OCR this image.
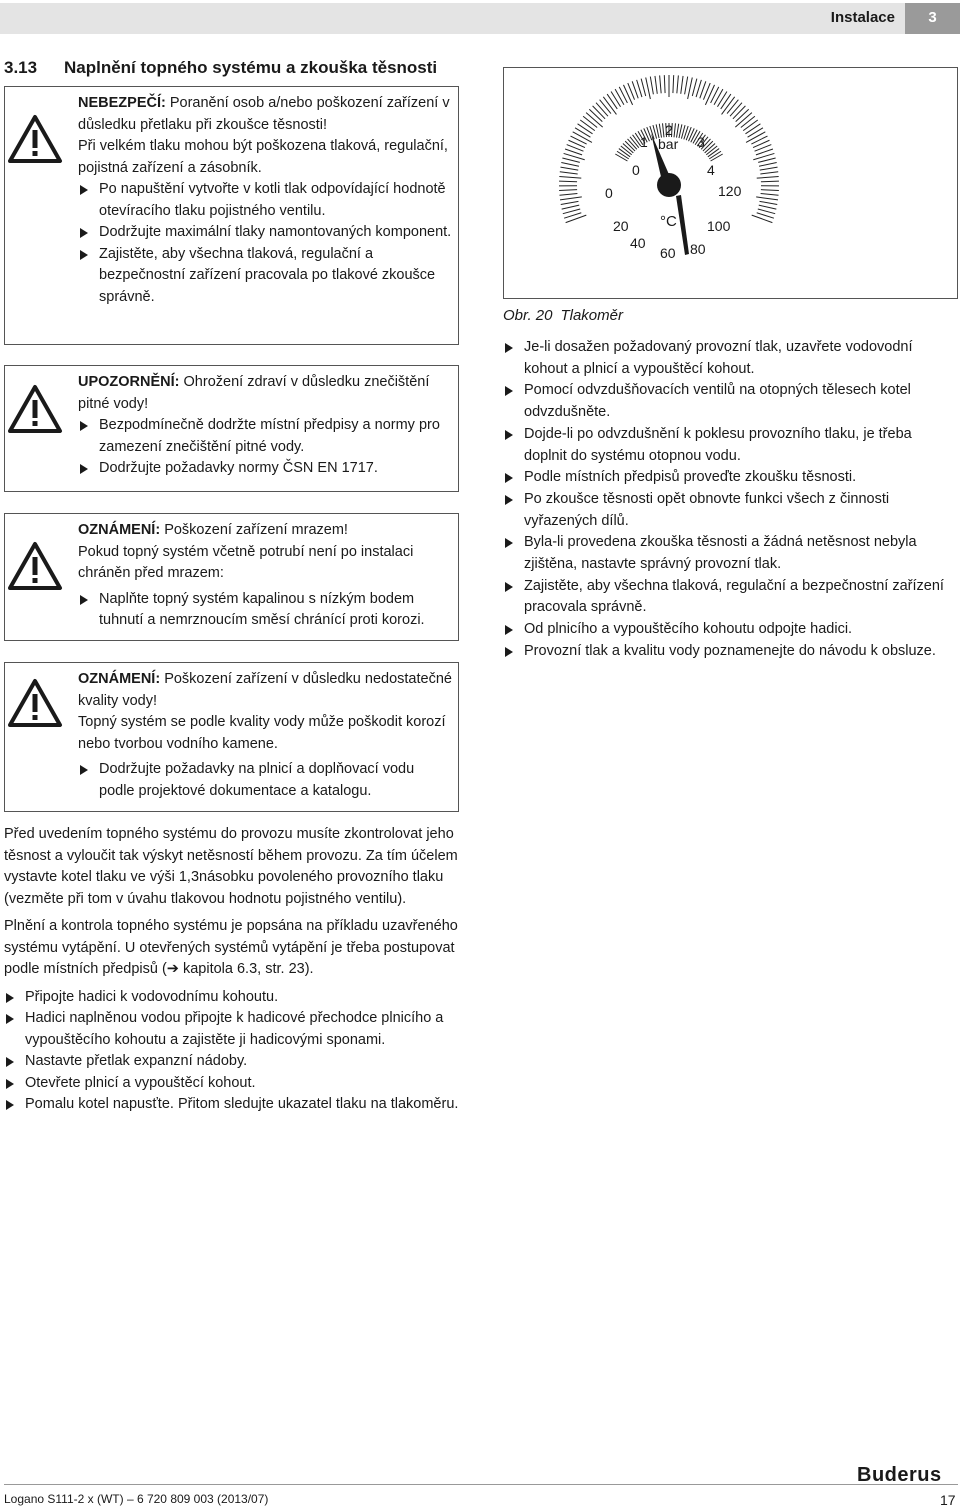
Instalace	3
3.13 Naplnění topného systému a zkouška těsnosti

NEBEZPEČÍ: Poranění osob a/nebo poškození zařízení v důsledku přetlaku při zkoušce těsnosti!

Při velkém tlaku mohou být poškozena tlaková, regulační, pojistná zařízení a zásobník.

Po napuštění vytvořte v kotli tlak odpovídající hodnotě otevíracího tlaku pojistného ventilu.
Dodržujte maximální tlaky namontovaných komponent.
Zajistěte, aby všechna tlaková, regulační a bezpečnostní zařízení pracovala po tlakové zkoušce správně.

UPOZORNĚNÍ: Ohrožení zdraví v důsledku znečištění pitné vody!

Bezpodmínečně dodržte místní předpisy a normy pro zamezení znečištění pitné vody.
Dodržujte požadavky normy ČSN EN 1717.

OZNÁMENÍ: Poškození zařízení mrazem!

Pokud topný systém včetně potrubí není po instalaci chráněn před mrazem:

Naplňte topný systém kapalinou s nízkým bodem tuhnutí a nemrznoucím směsí chránící proti korozi.

OZNÁMENÍ: Poškození zařízení v důsledku nedostatečné kvality vody!

Topný systém se podle kvality vody může poškodit korozí nebo tvorbou vodního kamene.

Dodržujte požadavky na plnicí a doplňovací vodu podle projektové dokumentace a katalogu.
0
1
2
3
4
bar
0
20
40
60 80
100
120
°C
Obr. 20 Tlakoměr
Je-li dosažen požadovaný provozní tlak, uzavřete vodovodní kohout a plnicí a vypouštěcí kohout.
Pomocí odvzdušňovacích ventilů na otopných tělesech kotel odvzdušněte.
Dojde-li po odvzdušnění k poklesu provozního tlaku, je třeba doplnit do systému otopnou vodu.
Podle místních předpisů proveďte zkoušku těsnosti.
Po zkoušce těsnosti opět obnovte funkci všech z činnosti vyřazených dílů.
Byla-li provedena zkouška těsnosti a žádná netěsnost nebyla zjištěna, nastavte správný provozní tlak.
Zajistěte, aby všechna tlaková, regulační a bezpečnostní zařízení pracovala správně.
Od plnicího a vypouštěcího kohoutu odpojte hadici.
Provozní tlak a kvalitu vody poznamenejte do návodu k obsluze.

Před uvedením topného systému do provozu musíte zkontrolovat jeho těsnost a vyloučit tak výskyt netěsností během provozu. Za tím účelem vystavte kotel tlaku ve výši 1,3násobku povoleného provozního tlaku (vezměte při tom v úvahu tlakovou hodnotu pojistného ventilu).

Plnění a kontrola topného systému je popsána na příkladu uzavřeného systému vytápění. U otevřených systémů vytápění je třeba postupovat podle místních předpisů (➔ kapitola 6.3, str. 23).

Připojte hadici k vodovodnímu kohoutu.
Hadici naplněnou vodou připojte k hadicové přechodce plnicího a vypouštěcího kohoutu a zajistěte ji hadicovými sponami.
Nastavte přetlak expanzní nádoby.
Otevřete plnicí a vypouštěcí kohout.
Pomalu kotel napusťte. Přitom sledujte ukazatel tlaku na tlakoměru.
Buderus
Logano S111-2 x (WT) – 6 720 809 003 (2013/07)	17
